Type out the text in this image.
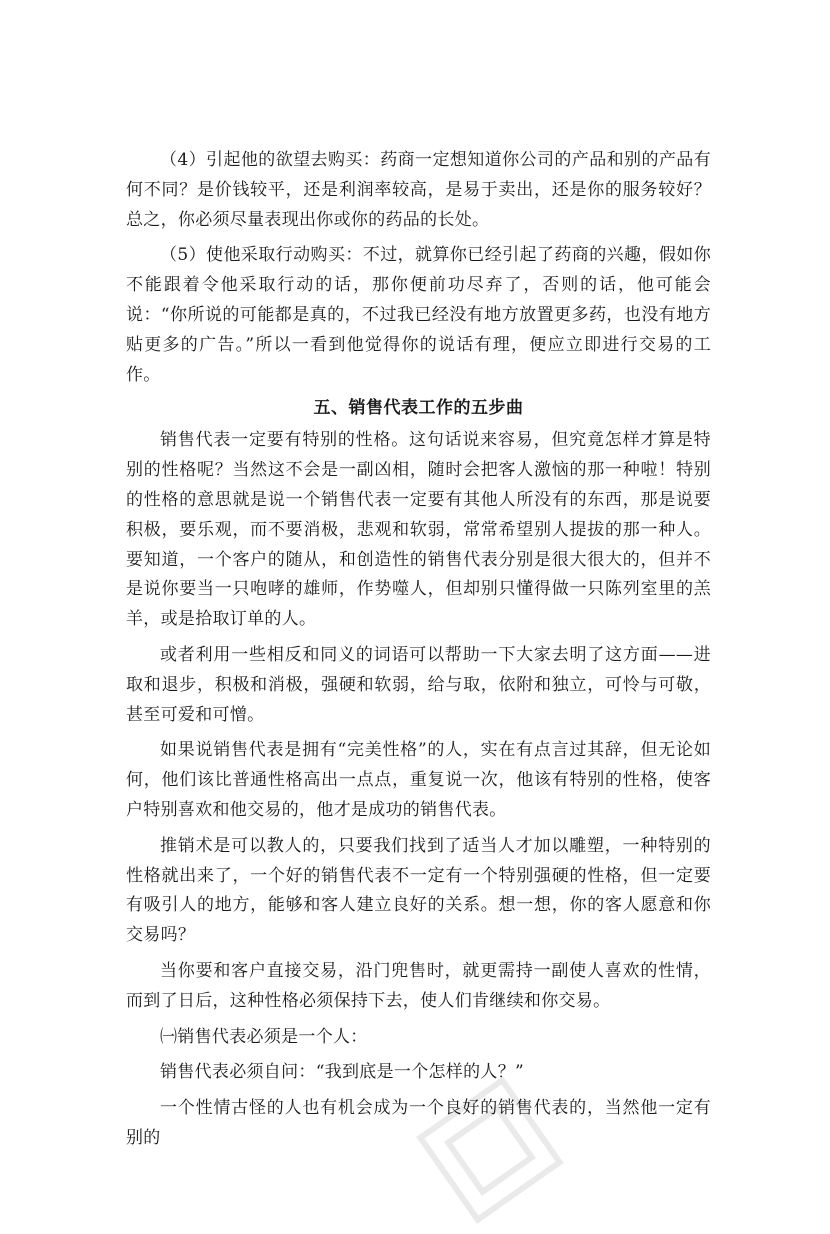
（4）引起他的欲望去购买：药商一定想知道你公司的产品和别的产品有何不同？是价钱较平，还是利润率较高，是易于卖出，还是你的服务较好？总之，你必须尽量表现出你或你的药品的长处。

（5）使他采取行动购买：不过，就算你已经引起了药商的兴趣，假如你不能跟着令他采取行动的话，那你便前功尽弃了，否则的话，他可能会说：“你所说的可能都是真的，不过我已经没有地方放置更多药，也没有地方贴更多的广告。”所以一看到他觉得你的说话有理，便应立即进行交易的工作。

五、销售代表工作的五步曲

销售代表一定要有特别的性格。这句话说来容易，但究竟怎样才算是特别的性格呢？当然这不会是一副凶相，随时会把客人激恼的那一种啦！特别的性格的意思就是说一个销售代表一定要有其他人所没有的东西，那是说要积极，要乐观，而不要消极，悲观和软弱，常常希望别人提拔的那一种人。要知道，一个客户的随从，和创造性的销售代表分别是很大很大的，但并不是说你要当一只咆哮的雄师，作势噬人，但却别只懂得做一只陈列室里的羔羊，或是拾取订单的人。

或者利用一些相反和同义的词语可以帮助一下大家去明了这方面——进取和退步，积极和消极，强硬和软弱，给与取，依附和独立，可怜与可敬，甚至可爱和可憎。

如果说销售代表是拥有“完美性格”的人，实在有点言过其辞，但无论如何，他们该比普通性格高出一点点，重复说一次，他该有特别的性格，使客户特别喜欢和他交易的，他才是成功的销售代表。

推销术是可以教人的，只要我们找到了适当人才加以雕塑，一种特别的性格就出来了，一个好的销售代表不一定有一个特别强硬的性格，但一定要有吸引人的地方，能够和客人建立良好的关系。想一想，你的客人愿意和你交易吗？

当你要和客户直接交易，沿门兜售时，就更需持一副使人喜欢的性情，而到了日后，这种性格必须保持下去，使人们肯继续和你交易。

㈠销售代表必须是一个人：

销售代表必须自问：“我到底是一个怎样的人？”

一个性情古怪的人也有机会成为一个良好的销售代表的，当然他一定有别的
